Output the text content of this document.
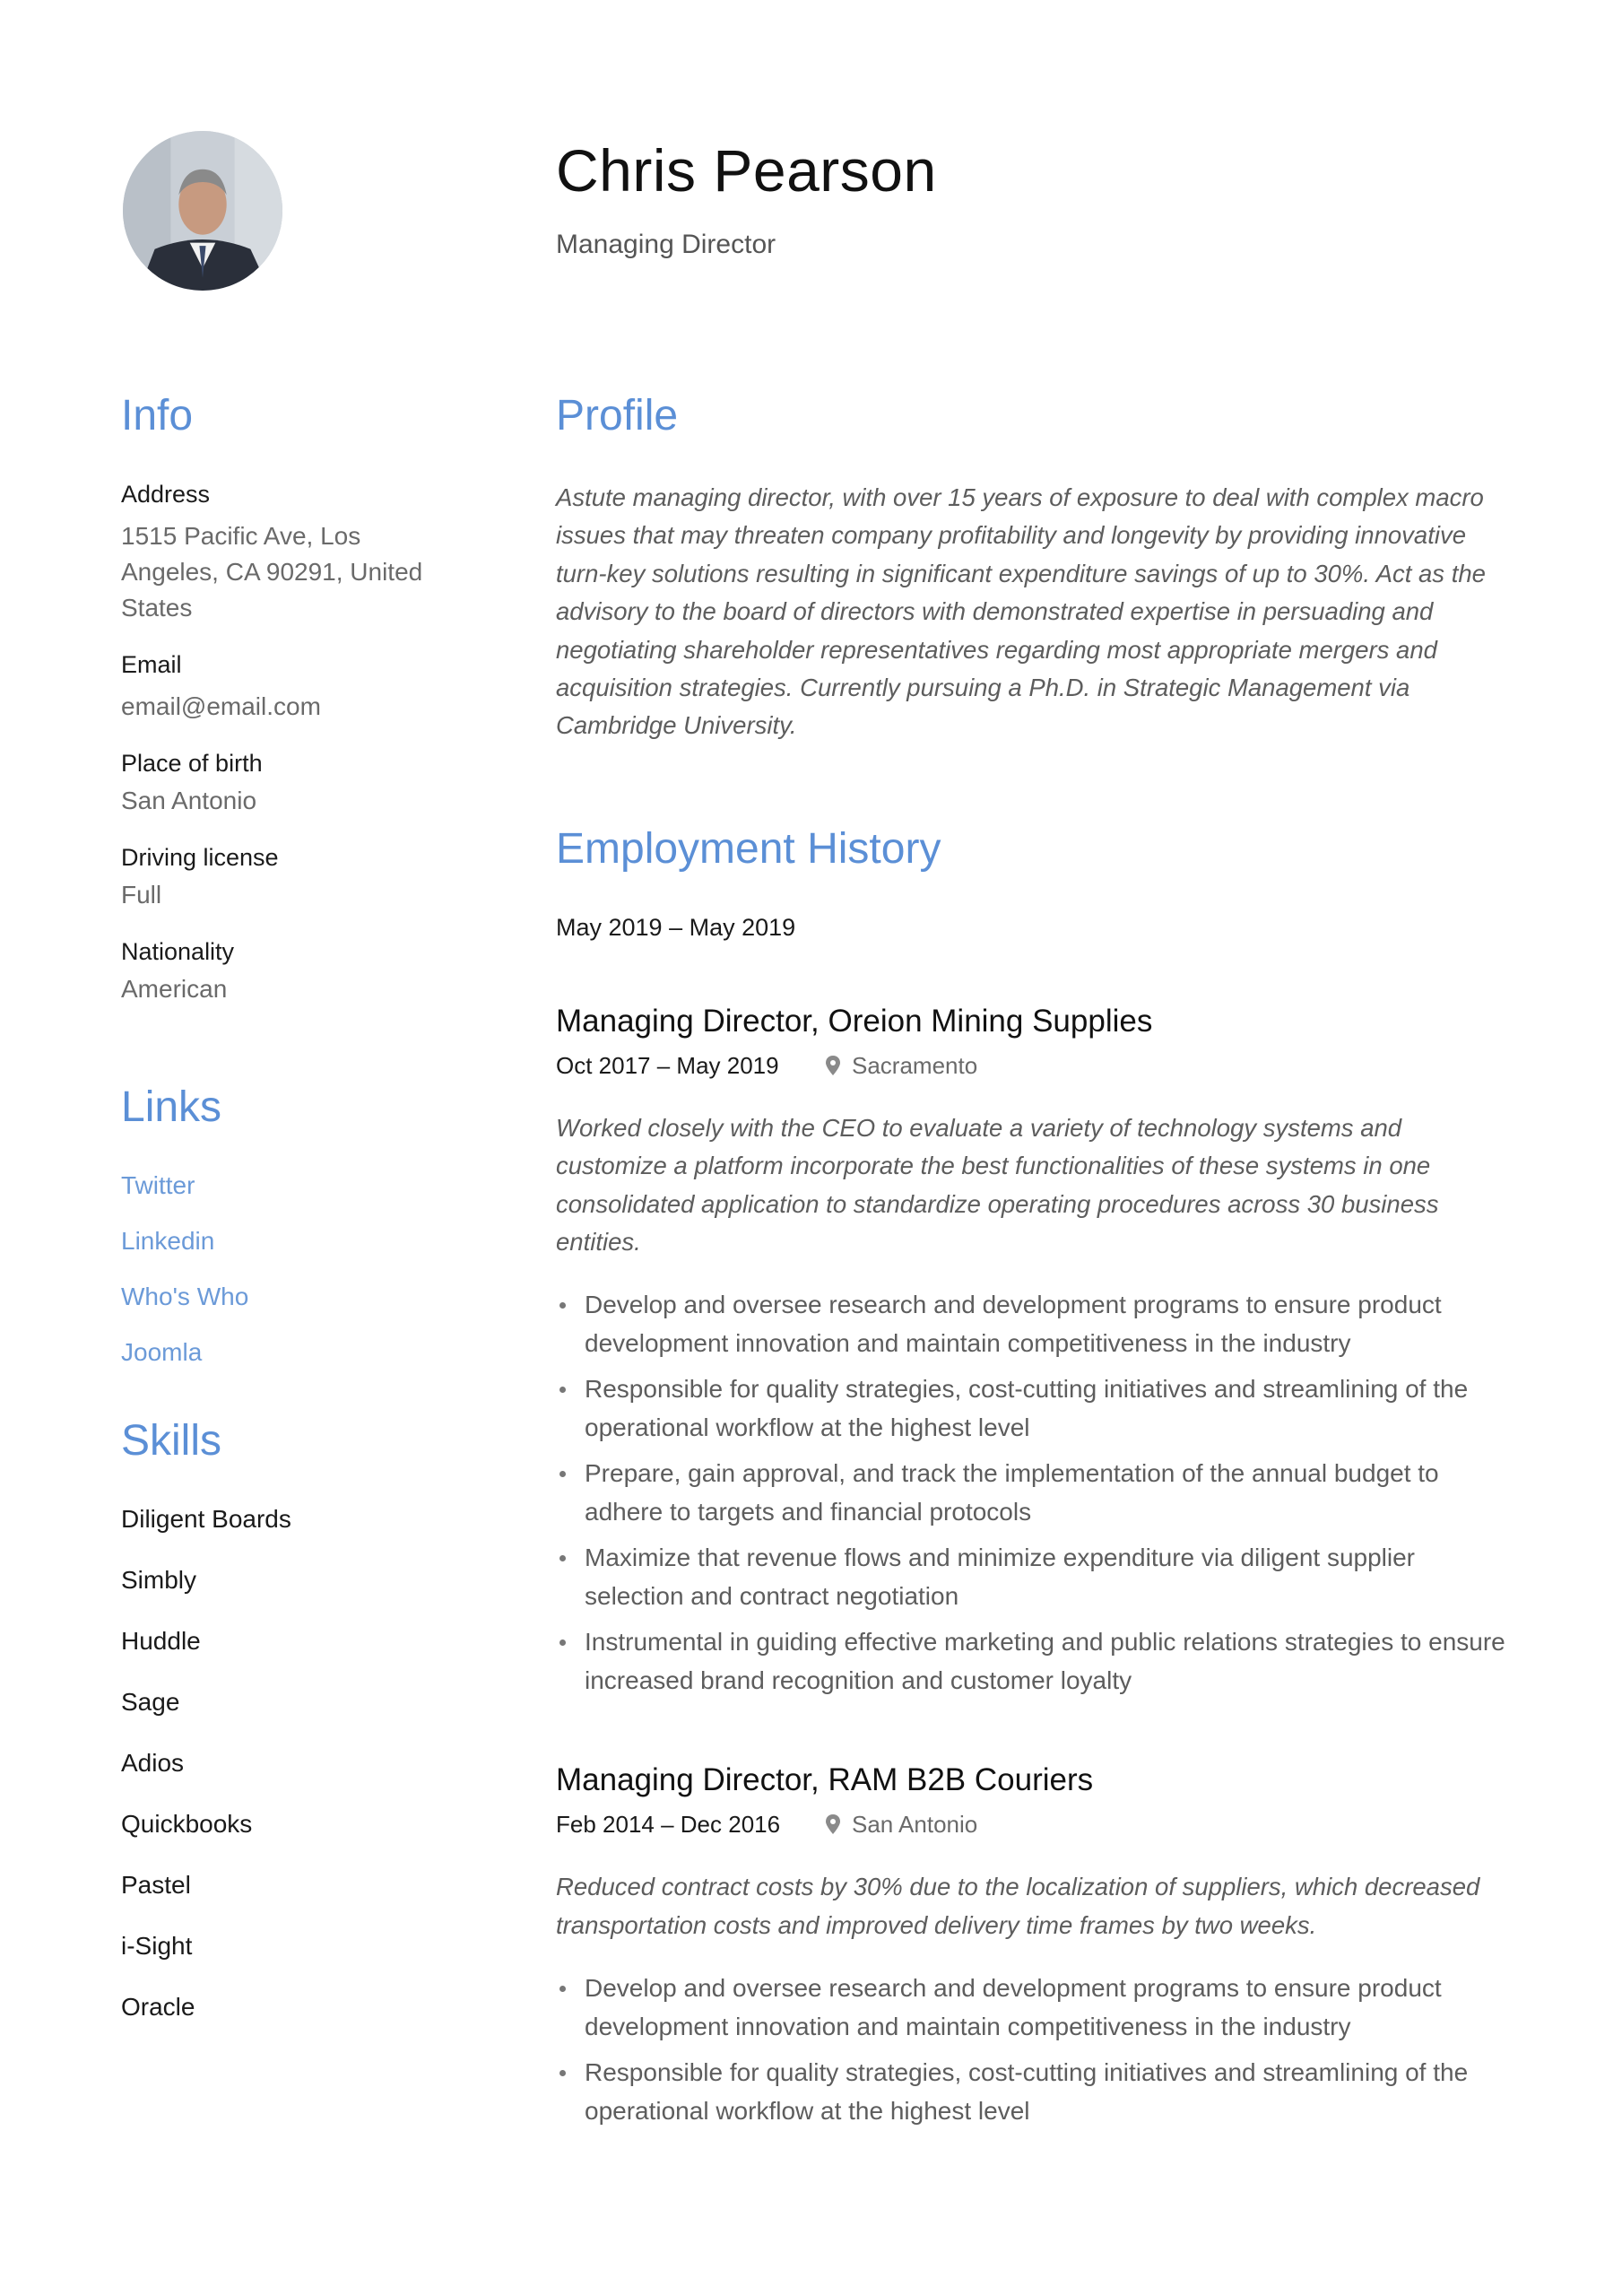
Chris Pearson
Managing Director
Info
Address
1515 Pacific Ave, Los Angeles, CA 90291, United States
Email
email@email.com
Place of birth
San Antonio
Driving license
Full
Nationality
American
Links
Twitter
Linkedin
Who's Who
Joomla
Skills
Diligent Boards
Simbly
Huddle
Sage
Adios
Quickbooks
Pastel
i-Sight
Oracle
Profile
Astute managing director, with over 15 years of exposure to deal with complex macro issues that may threaten company profitability and longevity by providing innovative turn-key solutions resulting in significant expenditure savings of up to 30%. Act as the advisory to the board of directors with demonstrated expertise in persuading and negotiating shareholder representatives regarding most appropriate mergers and acquisition strategies. Currently pursuing a Ph.D. in Strategic Management via Cambridge University.
Employment History
May 2019 – May 2019
Managing Director, Oreion Mining Supplies
Oct 2017 – May 2019	Sacramento
Worked closely with the CEO to evaluate a variety of technology systems and customize a platform incorporate the best functionalities of these systems in one consolidated application to standardize operating procedures across 30 business entities.
Develop and oversee research and development programs to ensure product development innovation and maintain competitiveness in the industry
Responsible for quality strategies, cost-cutting initiatives and streamlining of the operational workflow at the highest level
Prepare, gain approval, and track the implementation of the annual budget to adhere to targets and financial protocols
Maximize that revenue flows and minimize expenditure via diligent supplier selection and contract negotiation
Instrumental in guiding effective marketing and public relations strategies to ensure increased brand recognition and customer loyalty
Managing Director, RAM B2B Couriers
Feb 2014 – Dec 2016	San Antonio
Reduced contract costs by 30% due to the localization of suppliers, which decreased transportation costs and improved delivery time frames by two weeks.
Develop and oversee research and development programs to ensure product development innovation and maintain competitiveness in the industry
Responsible for quality strategies, cost-cutting initiatives and streamlining of the operational workflow at the highest level
